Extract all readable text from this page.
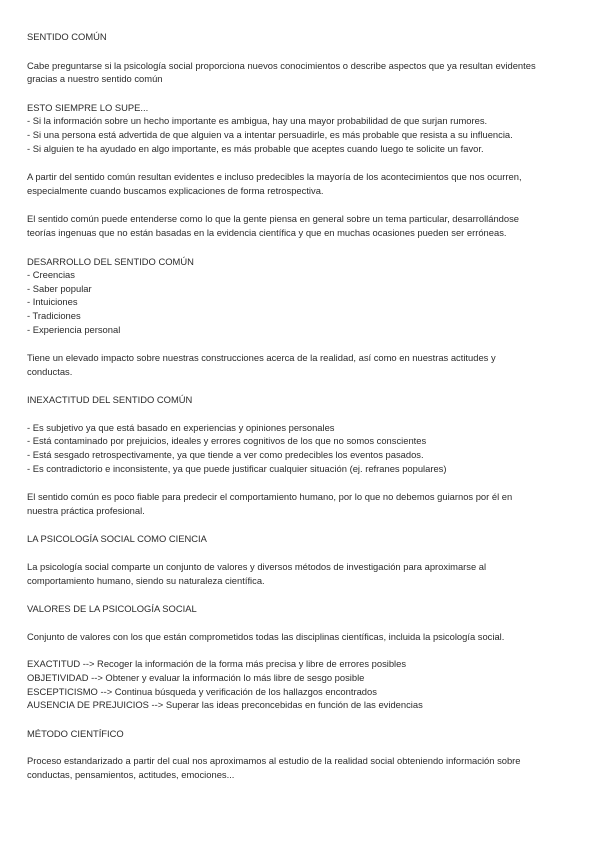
SENTIDO COMÚN

Cabe preguntarse si la psicología social proporciona nuevos conocimientos o describe aspectos que ya resultan evidentes
gracias a nuestro sentido común

ESTO SIEMPRE LO SUPE...
- Si la información sobre un hecho importante es ambigua, hay una mayor probabilidad de que surjan rumores.
- Si una persona está advertida de que alguien va a intentar persuadirle, es más probable que resista a su influencia.
- Si alguien te ha ayudado en algo importante, es más probable que aceptes cuando luego te solicite un favor.

A partir del sentido común resultan evidentes e incluso predecibles la mayoría de los acontecimientos que nos ocurren,
especialmente cuando buscamos explicaciones de forma retrospectiva.

El sentido común puede entenderse como lo que la gente piensa en general sobre un tema particular, desarrollándose
teorías ingenuas que no están basadas en la evidencia científica y que en muchas ocasiones pueden ser erróneas.

DESARROLLO DEL SENTIDO COMÚN
- Creencias
- Saber popular
- Intuiciones
- Tradiciones
- Experiencia personal

Tiene un elevado impacto sobre nuestras construcciones acerca de la realidad, así como en nuestras actitudes y
conductas.

INEXACTITUD DEL SENTIDO COMÚN
- Es subjetivo ya que está basado en experiencias y opiniones personales
- Está contaminado por prejuicios, ideales y errores cognitivos de los que no somos conscientes
- Está sesgado retrospectivamente, ya que tiende a ver como predecibles los eventos pasados.
- Es contradictorio e inconsistente, ya que puede justificar cualquier situación (ej. refranes populares)

El sentido común es poco fiable para predecir el comportamiento humano, por lo que no debemos guiarnos por él en
nuestra práctica profesional.

LA PSICOLOGÍA SOCIAL COMO CIENCIA

La psicología social comparte un conjunto de valores y diversos métodos de investigación para aproximarse al
comportamiento humano, siendo su naturaleza científica.

VALORES DE LA PSICOLOGÍA SOCIAL

Conjunto de valores con los que están comprometidos todas las disciplinas científicas, incluida la psicología social.

EXACTITUD --> Recoger la información de la forma más precisa y libre de errores posibles
OBJETIVIDAD --> Obtener y evaluar la información lo más libre de sesgo posible
ESCEPTICISMO --> Continua búsqueda y verificación de los hallazgos encontrados
AUSENCIA DE PREJUICIOS --> Superar las ideas preconcebidas en función de las evidencias
MÉTODO CIENTÍFICO

Proceso estandarizado a partir del cual nos aproximamos al estudio de la realidad social obteniendo información sobre
conductas, pensamientos, actitudes, emociones...
